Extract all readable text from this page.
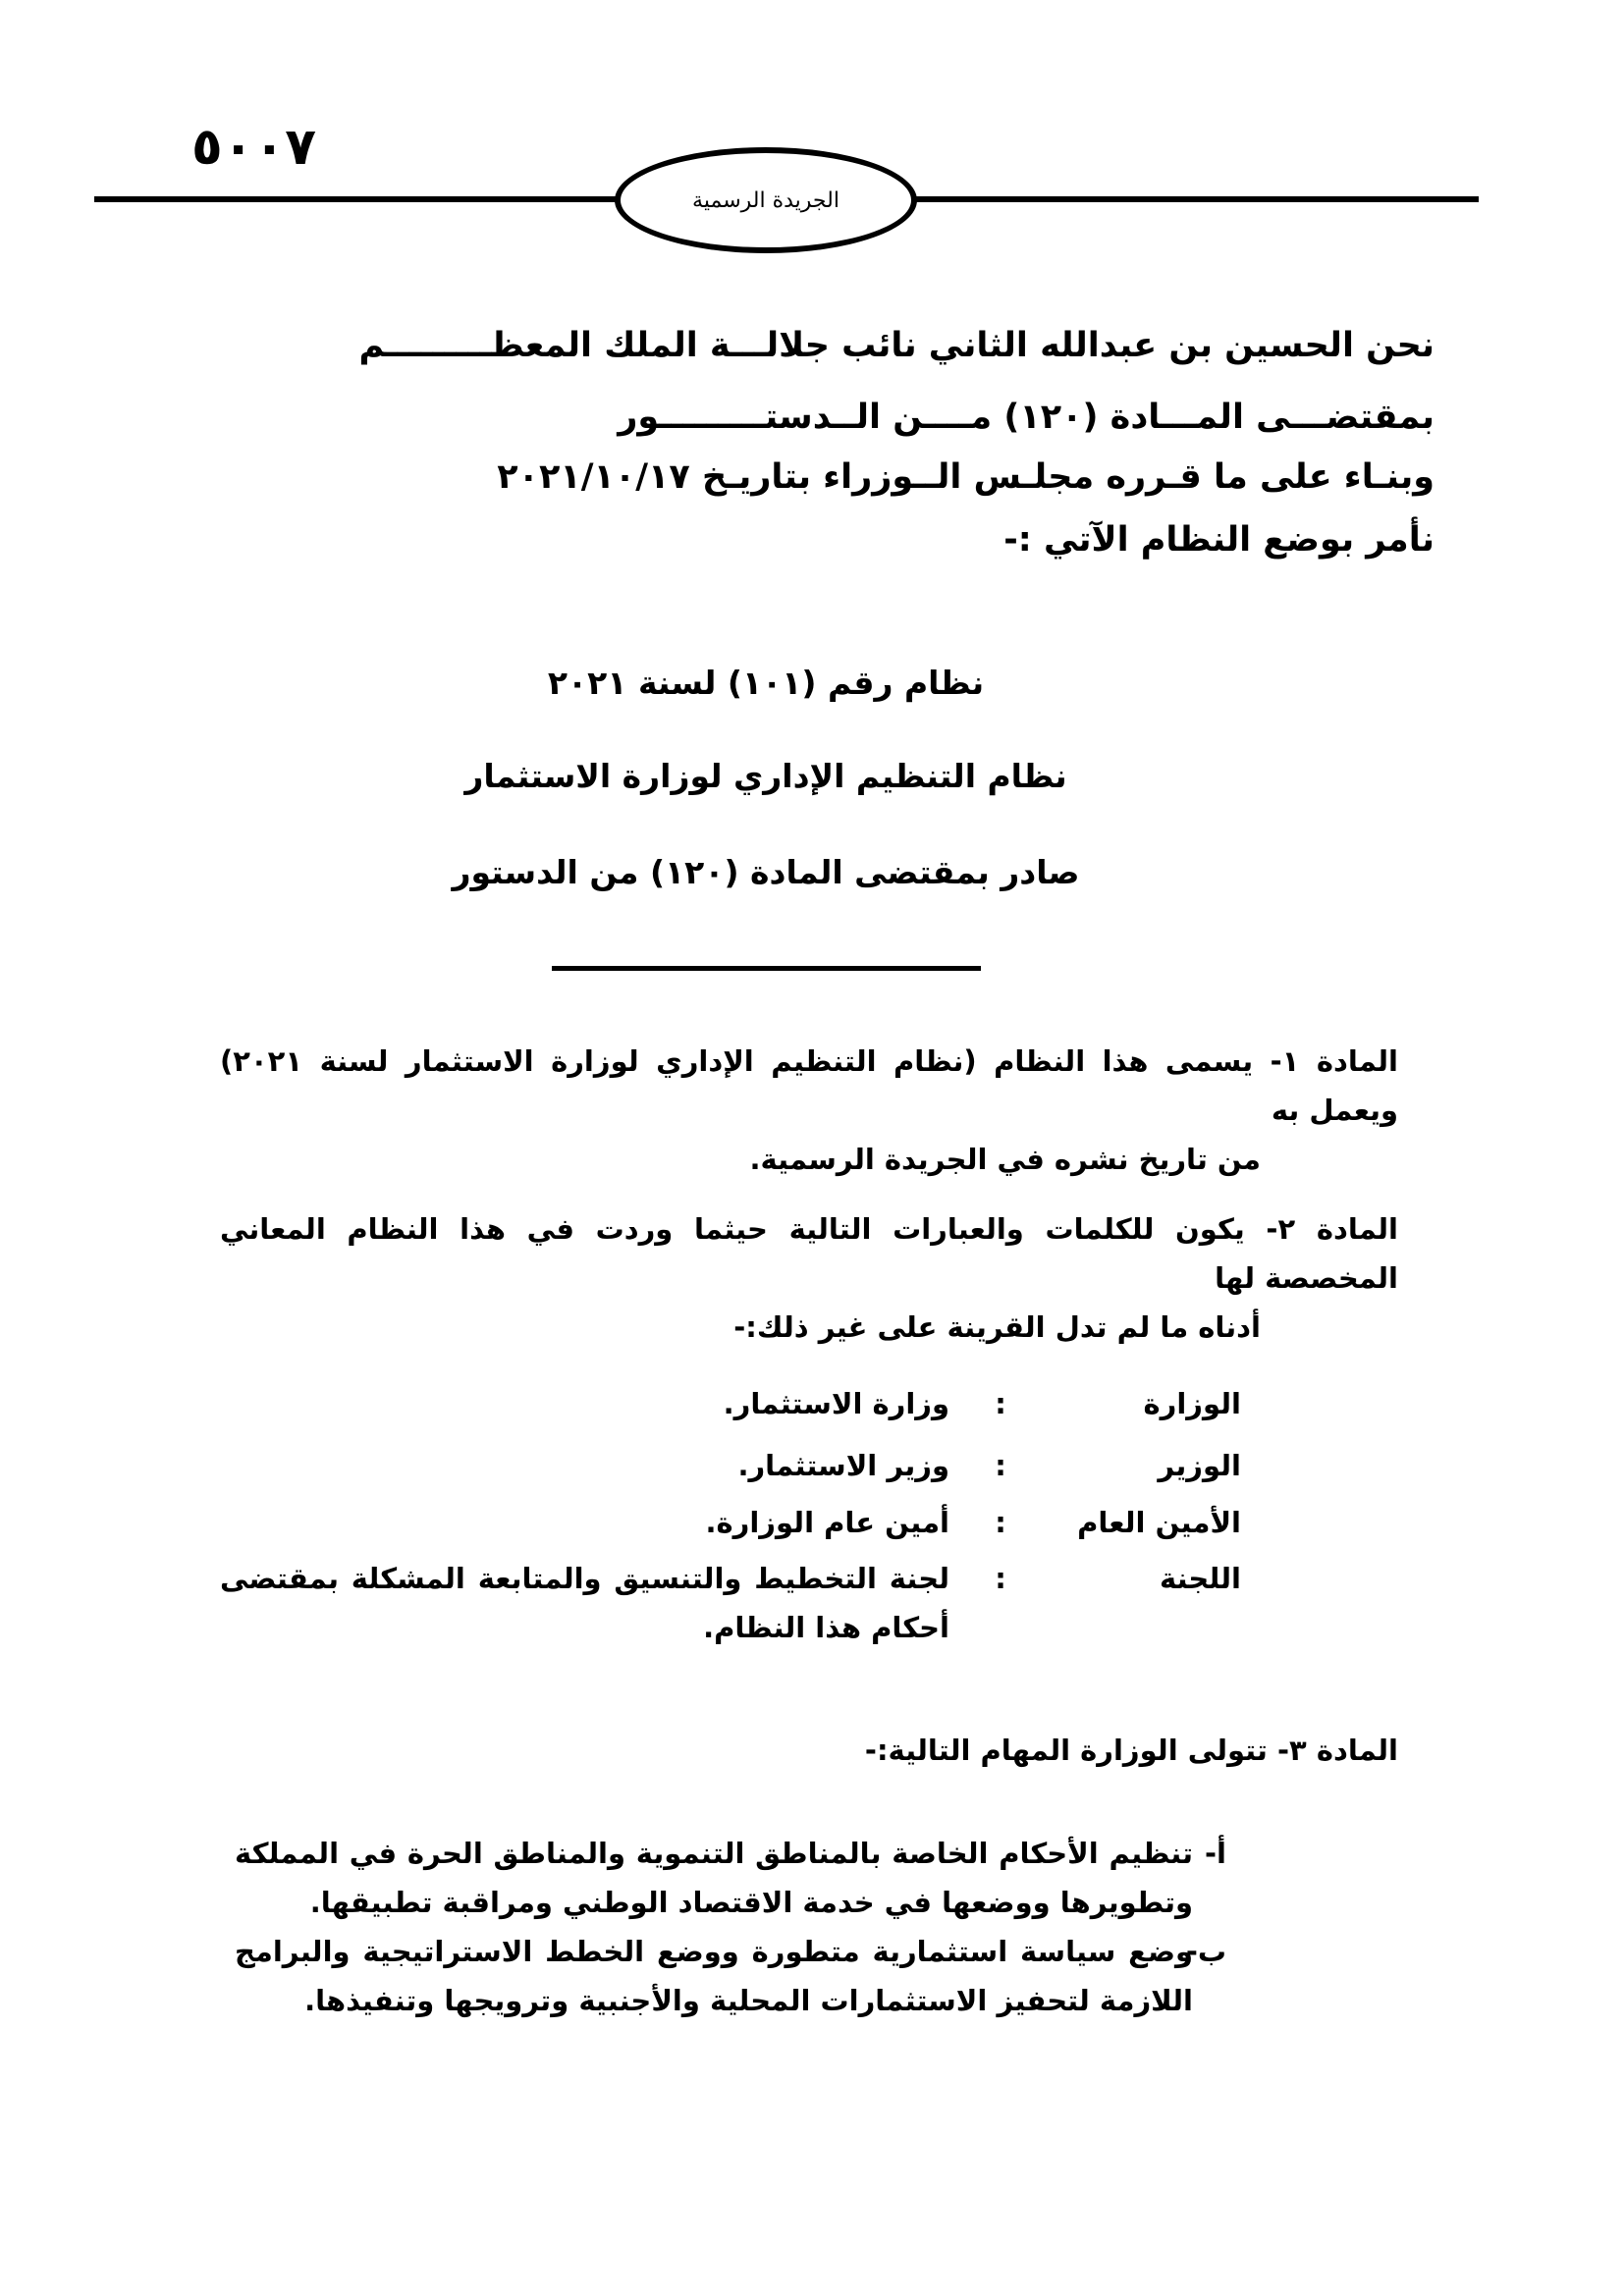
٥٠٠٧
الجريدة الرسمية
نحن الحسين بن عبدالله الثاني نائب جلالـــة الملك المعظـــــــــم
بمقتضـــى المـــادة (١٢٠) مــــن الــدستـــــــــور
وبنـاء على ما قـرره مجلـس الــوزراء بتاريـخ ٢٠٢١/١٠/١٧
نأمر بوضع النظام الآتي :-
نظام رقم (١٠١) لسنة ٢٠٢١
نظام التنظيم الإداري لوزارة الاستثمار
صادر بمقتضى المادة (١٢٠) من الدستور
المادة ١- يسمى هذا النظام (نظام التنظيم الإداري لوزارة الاستثمار لسنة ٢٠٢١) ويعمل به
من تاريخ نشره في الجريدة الرسمية.
المادة ٢- يكون للكلمات والعبارات التالية حيثما وردت في هذا النظام المعاني المخصصة لها
أدناه ما لم تدل القرينة على غير ذلك:-
الوزارة
:
وزارة الاستثمار.
الوزير
:
وزير الاستثمار.
الأمين العام
:
أمين عام الوزارة.
اللجنة
:
لجنة التخطيط والتنسيق والمتابعة المشكلة بمقتضى أحكام هذا النظام.
المادة ٣- تتولى الوزارة المهام التالية:-
أ-
تنظيم الأحكام الخاصة بالمناطق التنموية والمناطق الحرة في المملكة وتطويرها ووضعها في خدمة الاقتصاد الوطني ومراقبة تطبيقها.
ب-
وضع سياسة استثمارية متطورة ووضع الخطط الاستراتيجية والبرامج اللازمة لتحفيز الاستثمارات المحلية والأجنبية وترويجها وتنفيذها.
